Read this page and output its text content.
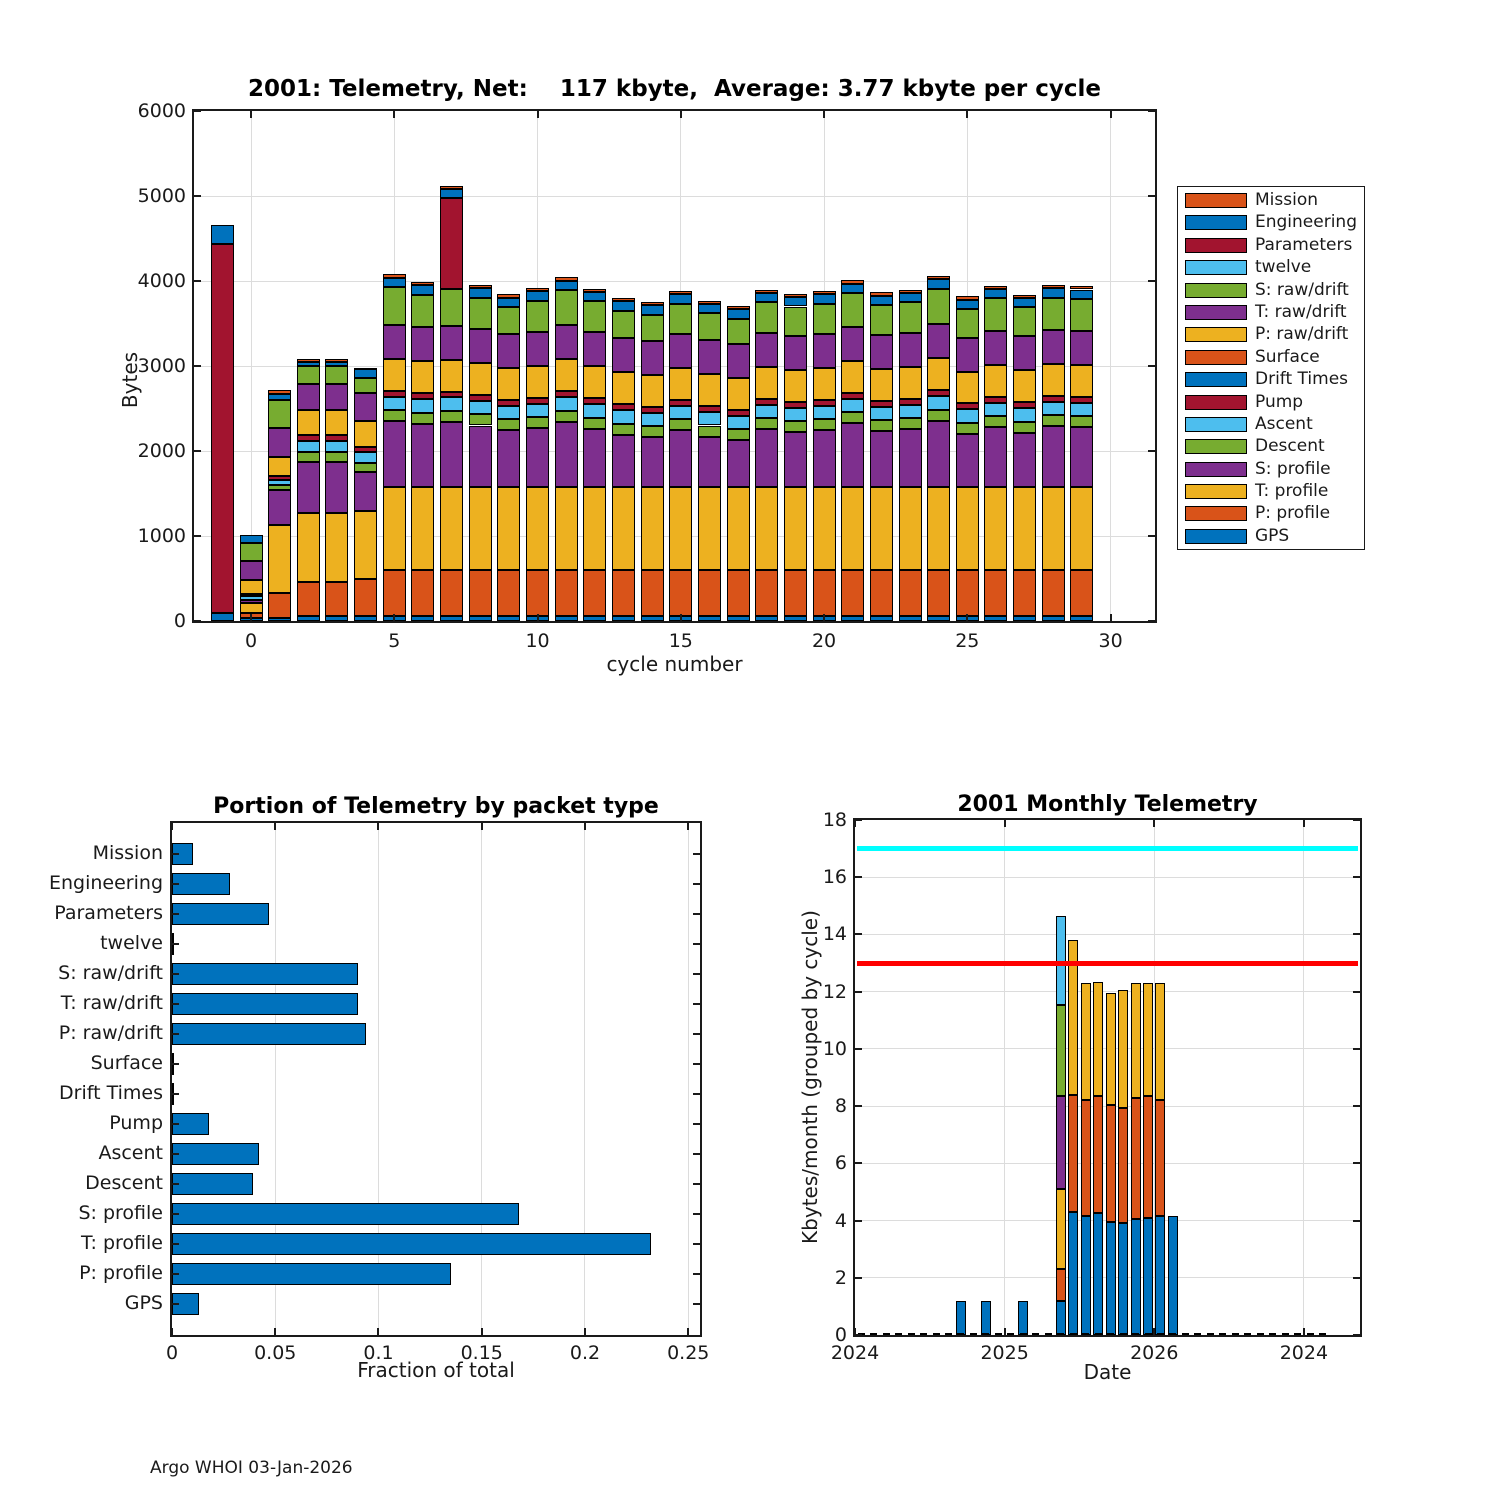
2001: Telemetry, Net:    117 kbyte,  Average: 3.77 kbyte per cycle
cycle number
Bytes
Mission
Engineering
Parameters
twelve
S: raw/drift
T: raw/drift
P: raw/drift
Surface
Drift Times
Pump
Ascent
Descent
S: profile
T: profile
P: profile
GPS
Portion of Telemetry by packet type
Fraction of total
2001 Monthly Telemetry
Date
Kbytes/month (grouped by cycle)
Argo WHOI 03-Jan-2026
0	5	10	15	20	25	30
0
1000
2000
3000
4000
5000
6000
Mission
Engineering
Parameters
twelve
S: raw/drift
T: raw/drift
P: raw/drift
Surface
Drift Times
Pump
Ascent
Descent
S: profile
T: profile
P: profile
GPS
0	0.05	0.1	0.15	0.2	0.25
0
2
4
6
8
10
12
14
16
18
2024	2025	2026	2024
